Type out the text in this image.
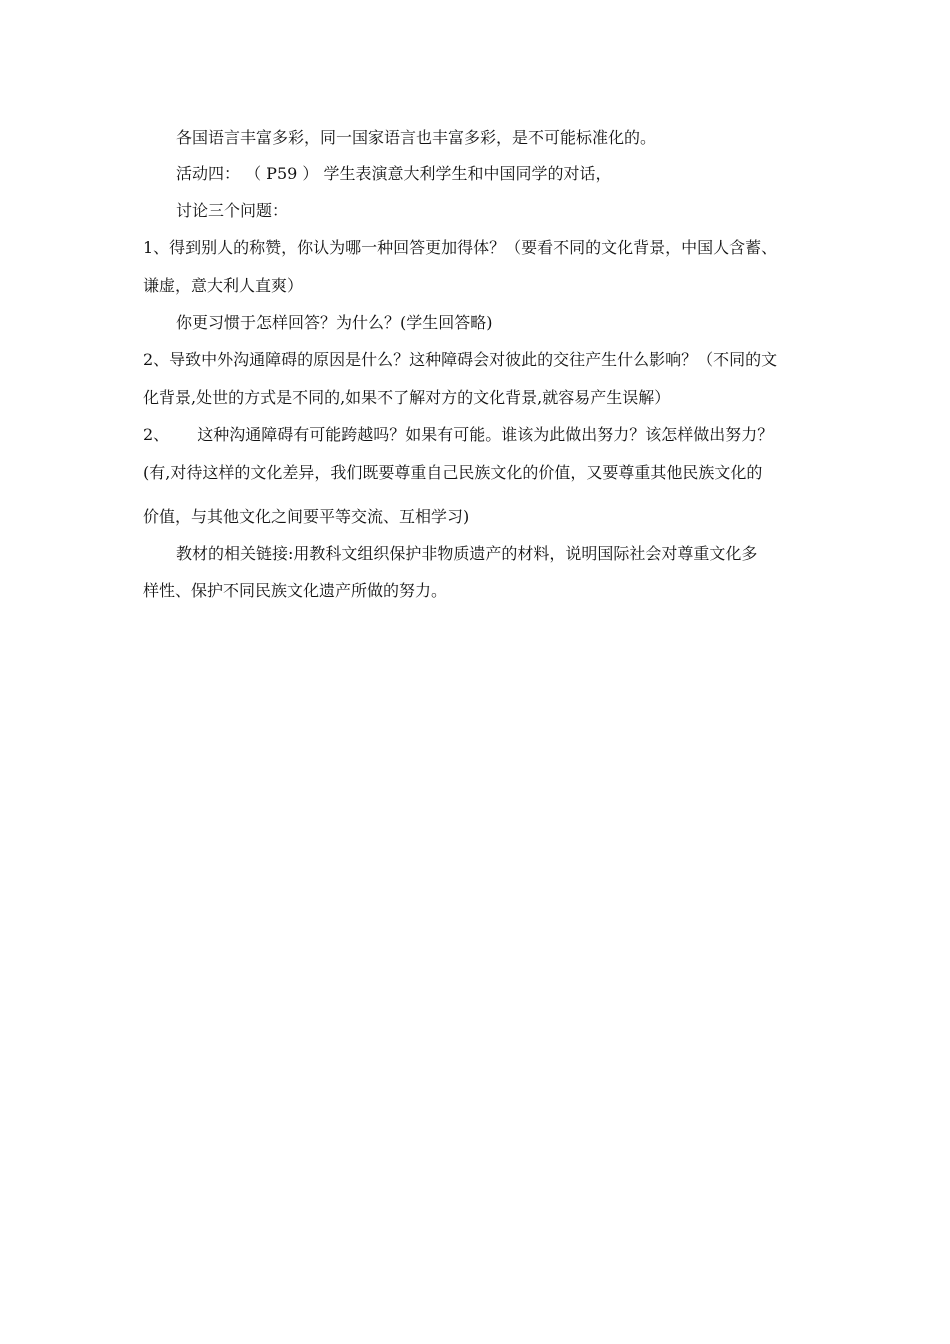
各国语言丰富多彩，同一国家语言也丰富多彩，是不可能标准化的。
活动四： （ P59 ） 学生表演意大利学生和中国同学的对话，
讨论三个问题：
1、得到别人的称赞，你认为哪一种回答更加得体？（要看不同的文化背景，中国人含蓄、
谦虚，意大利人直爽）
你更习惯于怎样回答？为什么？(学生回答略)
2、导致中外沟通障碍的原因是什么？这种障碍会对彼此的交往产生什么影响？（不同的文
化背景,处世的方式是不同的,如果不了解对方的文化背景,就容易产生误解）
2、 这种沟通障碍有可能跨越吗？如果有可能。谁该为此做出努力？该怎样做出努力？
(有,对待这样的文化差异，我们既要尊重自己民族文化的价值，又要尊重其他民族文化的
价值，与其他文化之间要平等交流、互相学习)
教材的相关链接:用教科文组织保护非物质遗产的材料，说明国际社会对尊重文化多
样性、保护不同民族文化遗产所做的努力。
